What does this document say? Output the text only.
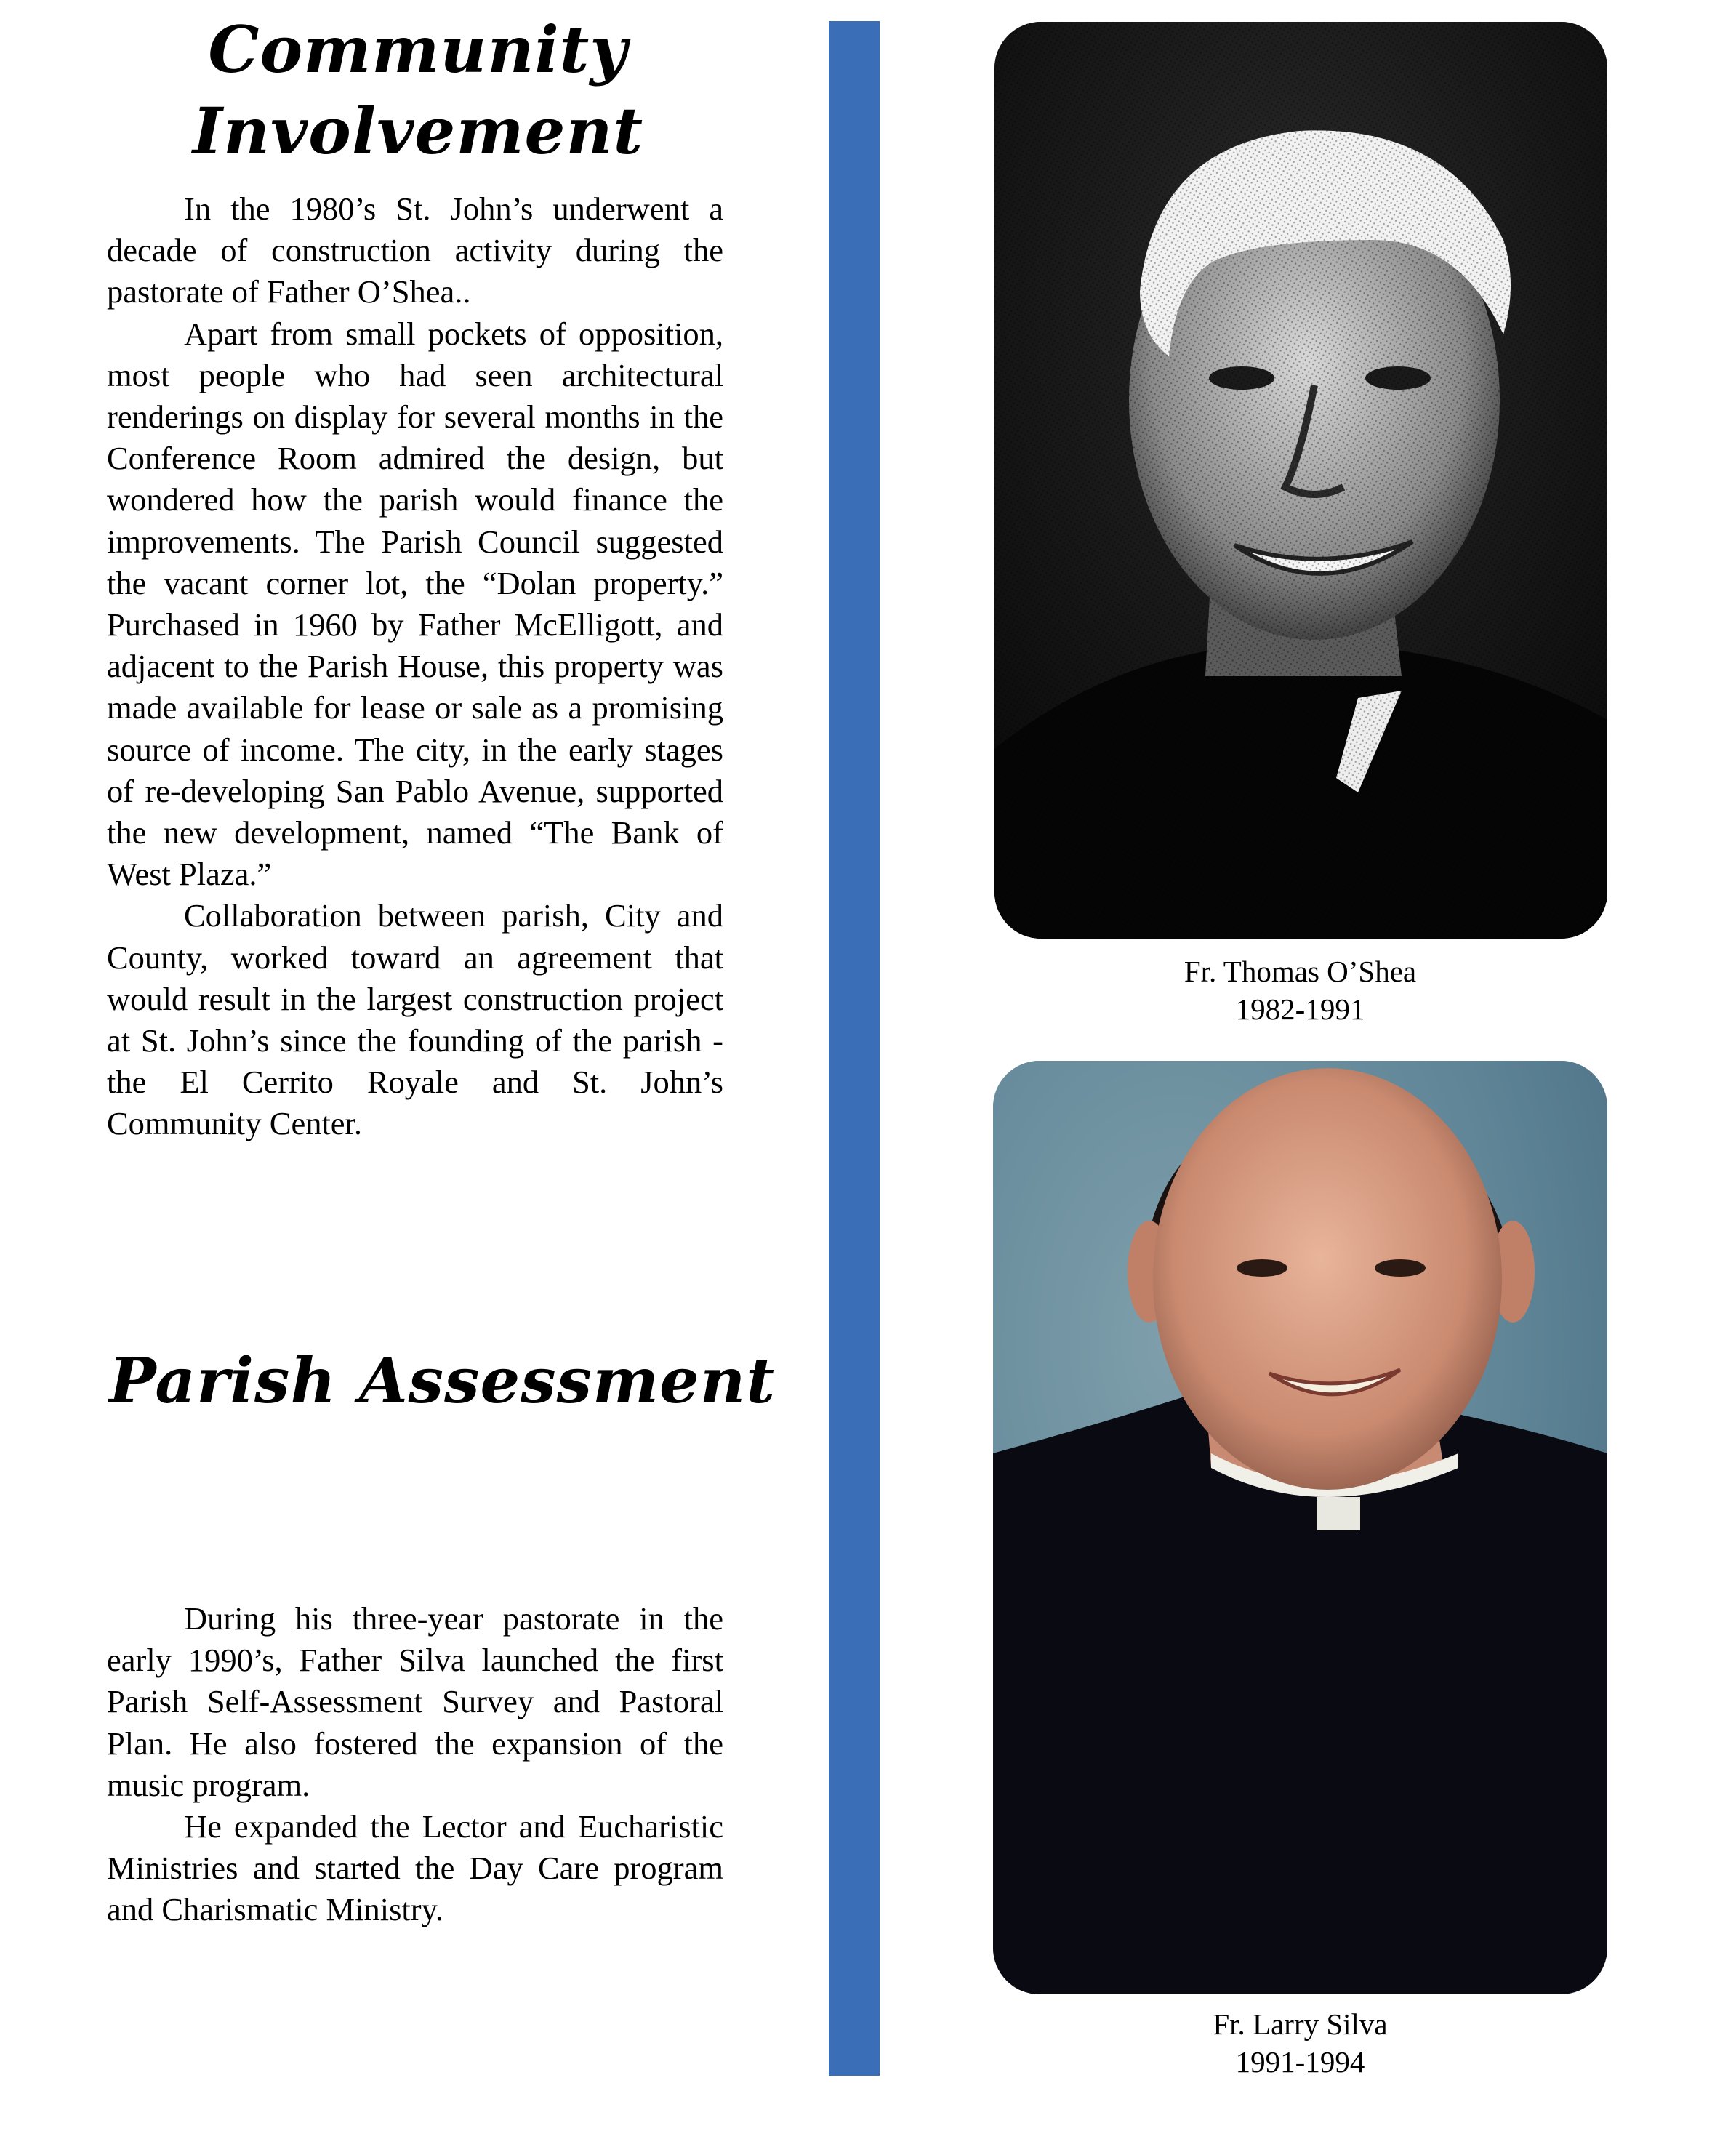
Community
Involvement

In the 1980’s St. John’s underwent a decade of construction activity during the pastorate of Father O’Shea..

Apart from small pockets of opposition, most people who had seen architectural renderings on display for several months in the Conference Room admired the design, but wondered how the parish would finance the improvements. The Parish Council suggested the vacant corner lot, the “Dolan property.” Purchased in 1960 by Father McElligott, and adjacent to the Parish House, this property was made available for lease or sale as a promising source of income. The city, in the early stages of re-developing San Pablo Avenue, supported the new development, named “The Bank of West Plaza.”

Collaboration between parish, City and County, worked toward an agreement that would result in the largest construction project at St. John’s since the founding of the parish - the El Cerrito Royale and St. John’s Community Center.

Parish Assessment

During his three-year pastorate in the early 1990’s, Father Silva launched the first Parish Self-Assessment Survey and Pastoral Plan. He also fostered the expansion of the music program.

He expanded the Lector and Eucharistic Ministries and started the Day Care program and Charismatic Ministry.

Fr. Thomas O’Shea
1982-1991
Fr. Larry Silva
1991-1994
